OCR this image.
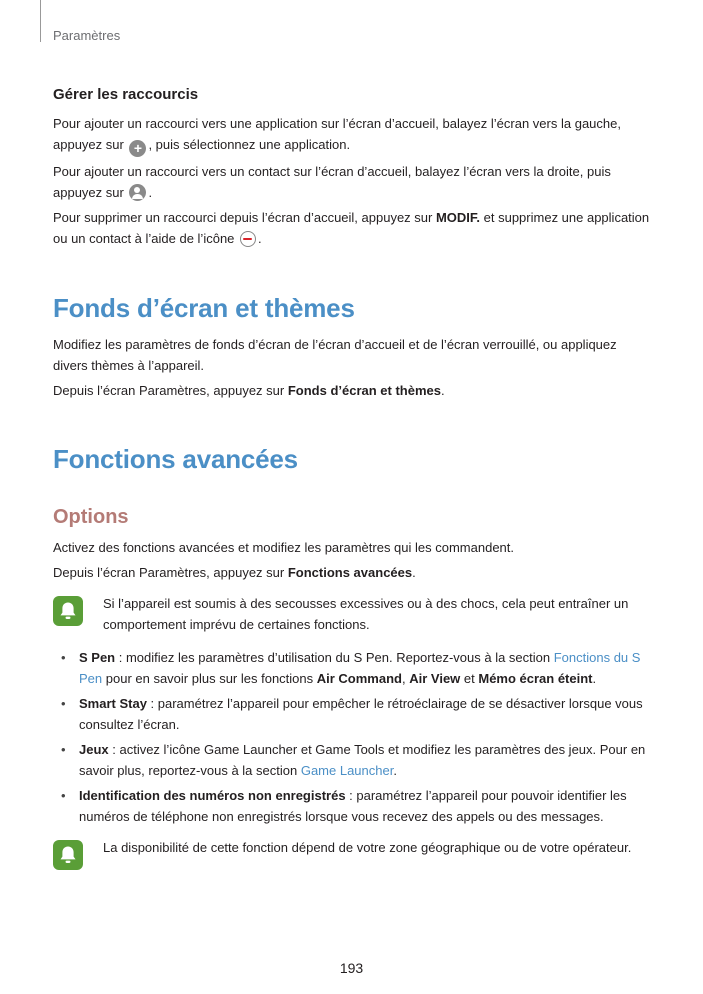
Paramètres
Gérer les raccourcis

Pour ajouter un raccourci vers une application sur l’écran d’accueil, balayez l’écran vers la gauche, appuyez sur + , puis sélectionnez une application.

Pour ajouter un raccourci vers un contact sur l’écran d’accueil, balayez l’écran vers la droite, puis appuyez sur .

Pour supprimer un raccourci depuis l’écran d’accueil, appuyez sur MODIF. et supprimez une application ou un contact à l’aide de l’icône .

Fonds d’écran et thèmes

Modifiez les paramètres de fonds d’écran de l’écran d’accueil et de l’écran verrouillé, ou appliquez divers thèmes à l’appareil.

Depuis l’écran Paramètres, appuyez sur Fonds d’écran et thèmes.

Fonctions avancées
Options

Activez des fonctions avancées et modifiez les paramètres qui les commandent.

Depuis l’écran Paramètres, appuyez sur Fonctions avancées.

Si l’appareil est soumis à des secousses excessives ou à des chocs, cela peut entraîner un comportement imprévu de certaines fonctions.
• S Pen : modifiez les paramètres d’utilisation du S Pen. Reportez-vous à la section Fonctions du S Pen pour en savoir plus sur les fonctions Air Command, Air View et Mémo écran éteint.
• Smart Stay : paramétrez l’appareil pour empêcher le rétroéclairage de se désactiver lorsque vous consultez l’écran.
• Jeux : activez l’icône Game Launcher et Game Tools et modifiez les paramètres des jeux. Pour en savoir plus, reportez-vous à la section Game Launcher.
• Identification des numéros non enregistrés : paramétrez l’appareil pour pouvoir identifier les numéros de téléphone non enregistrés lorsque vous recevez des appels ou des messages.
La disponibilité de cette fonction dépend de votre zone géographique ou de votre opérateur.
193
